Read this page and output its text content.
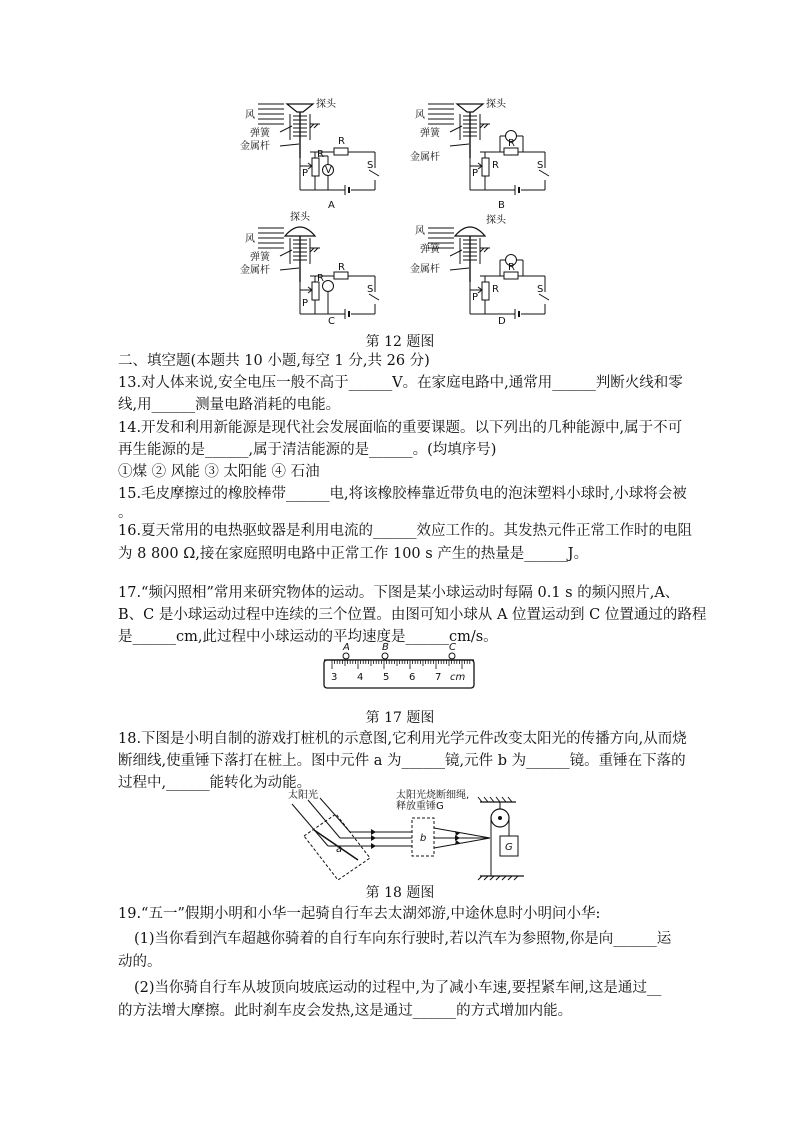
V
风
探头
弹簧
金属杆
P
R
R
S
A
风
探头
弹簧
金属杆
P
R
R	S
B
风
探头
弹簧
金属杆
P
R
R
S
C
风
探头
弹簧
金属杆
P
R
R	S
D
第 12 题图
二、填空题(本题共 10 小题,每空 1 分,共 26 分)
13.对人体来说,安全电压一般不高于______V。在家庭电路中,通常用______判断火线和零
线,用______测量电路消耗的电能。
14.开发和利用新能源是现代社会发展面临的重要课题。以下列出的几种能源中,属于不可
再生能源的是______,属于清洁能源的是______。(均填序号)
①煤 ② 风能 ③ 太阳能 ④ 石油
15.毛皮摩擦过的橡胶棒带______电,将该橡胶棒靠近带负电的泡沫塑料小球时,小球将会被
。
16.夏天常用的电热驱蚊器是利用电流的______效应工作的。其发热元件正常工作时的电阻
为 8 800 Ω,接在家庭照明电路中正常工作 100 s 产生的热量是______J。
17.“频闪照相”常用来研究物体的运动。下图是某小球运动时每隔 0.1 s 的频闪照片,A、
B、C 是小球运动过程中连续的三个位置。由图可知小球从 A 位置运动到 C 位置通过的路程
是______cm,此过程中小球运动的平均速度是______cm/s。
3 4 5 6 7 cm
A	B	C
第 17 题图
18.下图是小明自制的游戏打桩机的示意图,它利用光学元件改变太阳光的传播方向,从而烧
断细线,使重锤下落打在桩上。图中元件 a 为______镜,元件 b 为______镜。重锤在下落的
过程中,______能转化为动能。
太阳光
a
b
太阳光烧断细绳,
释放重锤G
G
第 18 题图
19.“五一”假期小明和小华一起骑自行车去太湖郊游,中途休息时小明问小华:
(1)当你看到汽车超越你骑着的自行车向东行驶时,若以汽车为参照物,你是向______运
动的。
(2)当你骑自行车从坡顶向坡底运动的过程中,为了减小车速,要捏紧车闸,这是通过__
的方法增大摩擦。此时刹车皮会发热,这是通过______的方式增加内能。
